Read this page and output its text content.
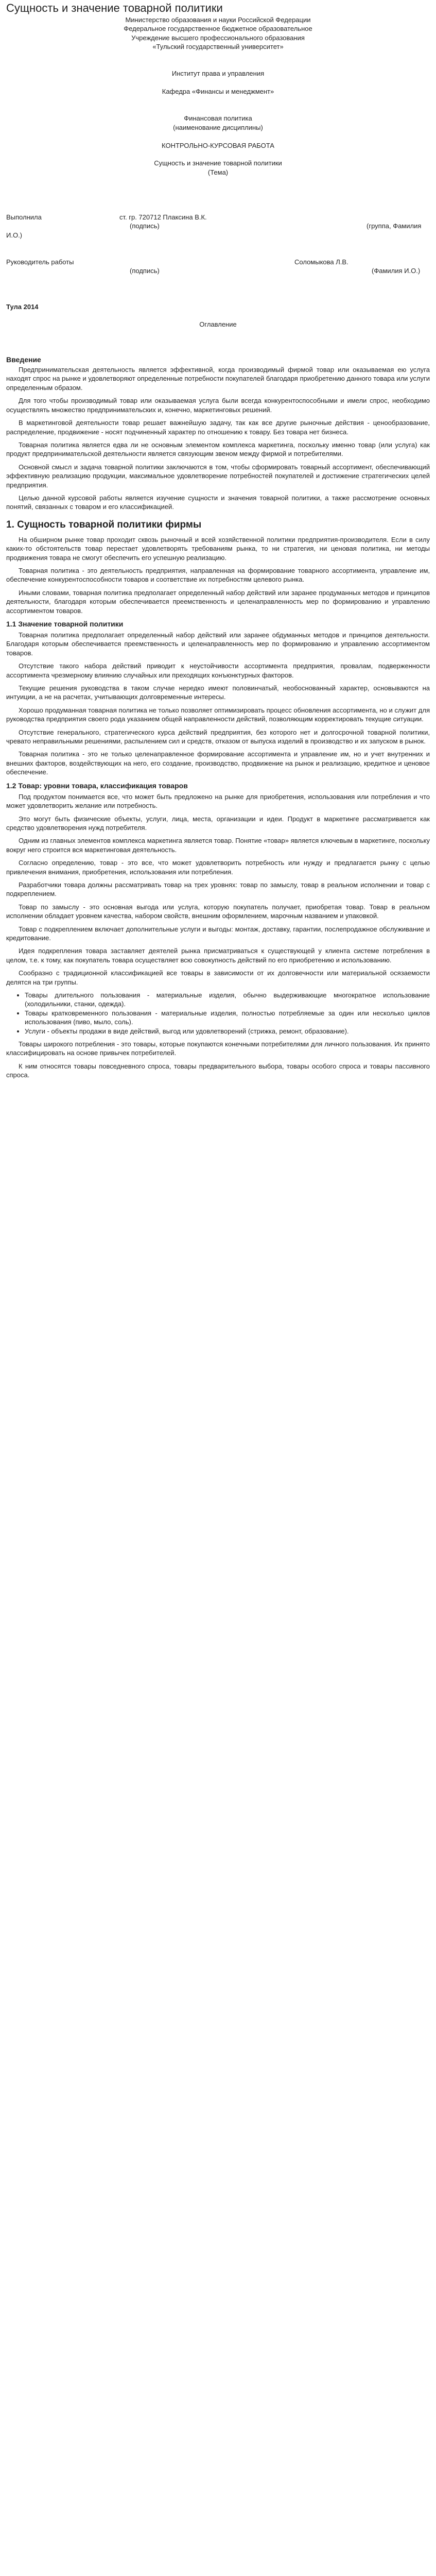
Сущность и значение товарной политики

Министерство образования и науки Российской Федерации

Федеральное государственное бюджетное образовательное

Учреждение высшего профессионального образования

«Тульский государственный университет»

Институт права и управления

Кафедра «Финансы и менеджмент»

Финансовая политика

(наименование дисциплины)

КОНТРОЛЬНО-КУРСОВАЯ РАБОТА

Сущность и значение товарной политики

(Тема)

Выполнила	ст. гр. 720712 Плаксина В.К.
(подпись)	(группа, Фамилия
И.О.)
Руководитель работы	Соломыкова Л.В.
(подпись)	(Фамилия И.О.)

Тула 2014

Оглавление

Введение

Предпринимательская деятельность является эффективной, когда производимый фирмой товар или оказываемая ею услуга находят спрос на рынке и удовлетворяют определенные потребности покупателей благодаря приобретению данного товара или услуги определенным образом.

Для того чтобы производимый товар или оказываемая услуга были всегда конкурентоспособными и имели спрос, необходимо осуществлять множество предпринимательских и, конечно, маркетинговых решений.

В маркетинговой деятельности товар решает важнейшую задачу, так как все другие рыночные действия - ценообразование, распределение, продвижение - носят подчиненный характер по отношению к товару. Без товара нет бизнеса.

Товарная политика является едва ли не основным элементом комплекса маркетинга, поскольку именно товар (или услуга) как продукт предпринимательской деятельности является связующим звеном между фирмой и потребителями.

Основной смысл и задача товарной политики заключаются в том, чтобы сформировать товарный ассортимент, обеспечивающий эффективную реализацию продукции, максимальное удовлетворение потребностей покупателей и достижение стратегических целей предприятия.

Целью данной курсовой работы является изучение сущности и значения товарной политики, а также рассмотрение основных понятий, связанных с товаром и его классификацией.

1. Сущность товарной политики фирмы

На обширном рынке товар проходит сквозь рыночный и всей хозяйственной политики предприятия-производителя. Если в силу каких-то обстоятельств товар перестает удовлетворять требованиям рынка, то ни стратегия, ни ценовая политика, ни методы продвижения товара не смогут обеспечить его успешную реализацию.

Товарная политика - это деятельность предприятия, направленная на формирование товарного ассортимента, управление им, обеспечение конкурентоспособности товаров и соответствие их потребностям целевого рынка.

Иными словами, товарная политика предполагает определенный набор действий или заранее продуманных методов и принципов деятельности, благодаря которым обеспечивается преемственность и целенаправленность мер по формированию и управлению ассортиментом товаров.

1.1 Значение товарной политики

Товарная политика предполагает определенный набор действий или заранее обдуманных методов и принципов деятельности. Благодаря которым обеспечивается преемственность и целенаправленность мер по формированию и управлению ассортиментом товаров.

Отсутствие такого набора действий приводит к неустойчивости ассортимента предприятия, провалам, подверженности ассортимента чрезмерному влиянию случайных или преходящих конъюнктурных факторов.

Текущие решения руководства в таком случае нередко имеют половинчатый, необоснованный характер, основываются на интуиции, а не на расчетах, учитывающих долговременные интересы.

Хорошо продуманная товарная политика не только позволяет оптимизировать процесс обновления ассортимента, но и служит для руководства предприятия своего рода указанием общей направленности действий, позволяющим корректировать текущие ситуации.

Отсутствие генерального, стратегического курса действий предприятия, без которого нет и долгосрочной товарной политики, чревато неправильными решениями, распылением сил и средств, отказом от выпуска изделий в производство и их запуском в рынок.

Товарная политика - это не только целенаправленное формирование ассортимента и управление им, но и учет внутренних и внешних факторов, воздействующих на него, его создание, производство, продвижение на рынок и реализацию, кредитное и ценовое обеспечение.

1.2 Товар: уровни товара, классификация товаров

Под продуктом понимается все, что может быть предложено на рынке для приобретения, использования или потребления и что может удовлетворить желание или потребность.

Это могут быть физические объекты, услуги, лица, места, организации и идеи. Продукт в маркетинге рассматривается как средство удовлетворения нужд потребителя.

Одним из главных элементов комплекса маркетинга является товар. Понятие «товар» является ключевым в маркетинге, поскольку вокруг него строится вся маркетинговая деятельность.

Согласно определению, товар - это все, что может удовлетворить потребность или нужду и предлагается рынку с целью привлечения внимания, приобретения, использования или потребления.

Разработчики товара должны рассматривать товар на трех уровнях: товар по замыслу, товар в реальном исполнении и товар с подкреплением.

Товар по замыслу - это основная выгода или услуга, которую покупатель получает, приобретая товар. Товар в реальном исполнении обладает уровнем качества, набором свойств, внешним оформлением, марочным названием и упаковкой.

Товар с подкреплением включает дополнительные услуги и выгоды: монтаж, доставку, гарантии, послепродажное обслуживание и кредитование.

Идея подкрепления товара заставляет деятелей рынка присматриваться к существующей у клиента системе потребления в целом, т.е. к тому, как покупатель товара осуществляет всю совокупность действий по его приобретению и использованию.

Сообразно с традиционной классификацией все товары в зависимости от их долговечности или материальной осязаемости делятся на три группы.

• Товары длительного пользования - материальные изделия, обычно выдерживающие многократное использование (холодильники, станки, одежда).
• Товары кратковременного пользования - материальные изделия, полностью потребляемые за один или несколько циклов использования (пиво, мыло, соль).
• Услуги - объекты продажи в виде действий, выгод или удовлетворений (стрижка, ремонт, образование).

Товары широкого потребления - это товары, которые покупаются конечными потребителями для личного пользования. Их принято классифицировать на основе привычек потребителей.

К ним относятся товары повседневного спроса, товары предварительного выбора, товары особого спроса и товары пассивного спроса.
